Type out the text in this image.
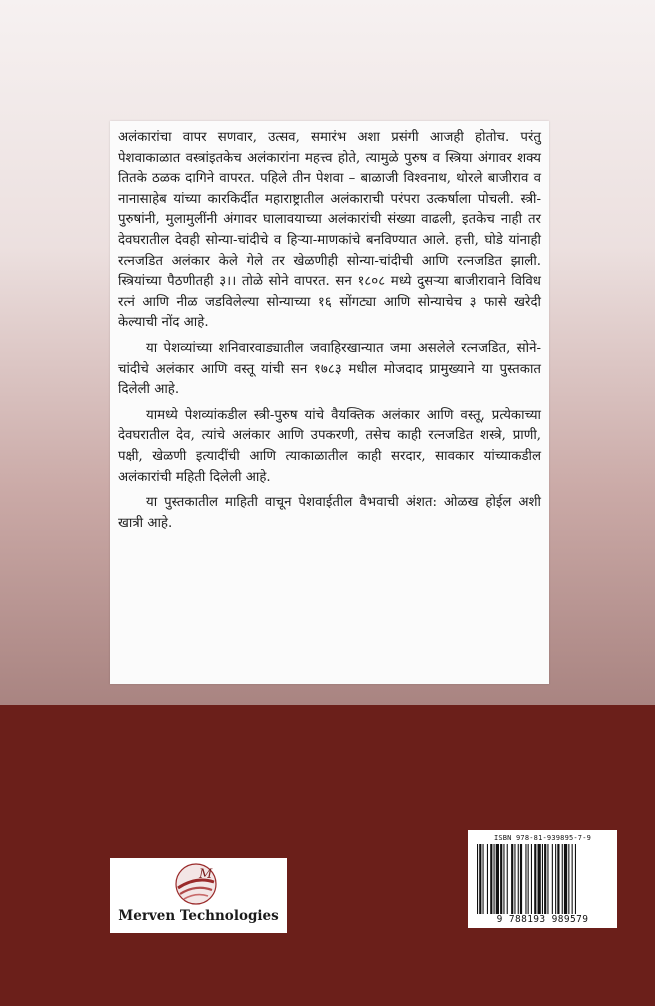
अलंकारांचा वापर सणवार, उत्सव, समारंभ अशा प्रसंगी आजही होतोच. परंतु पेशवाकाळात वस्त्रांइतकेच अलंकारांना महत्त्व होते, त्यामुळे पुरुष व स्त्रिया अंगावर शक्य तितके ठळक दागिने वापरत. पहिले तीन पेशवा – बाळाजी विश्वनाथ, थोरले बाजीराव व नानासाहेब यांच्या कारकिर्दीत महाराष्ट्रातील अलंकाराची परंपरा उत्कर्षाला पोचली. स्त्री-पुरुषांनी, मुलामुलींनी अंगावर घालावयाच्या अलंकारांची संख्या वाढली, इतकेच नाही तर देवघरातील देवही सोन्या-चांदीचे व हिऱ्या-माणकांचे बनविण्यात आले. हत्ती, घोडे यांनाही रत्नजडित अलंकार केले गेले तर खेळणीही सोन्या-चांदीची आणि रत्नजडित झाली. स्त्रियांच्या पैठणीतही ३।। तोळे सोने वापरत. सन १८०८ मध्ये दुसऱ्या बाजीरावाने विविध रत्नं आणि नीळ जडविलेल्या सोन्याच्या १६ सोंगट्या आणि सोन्याचेच ३ फासे खरेदी केल्याची नोंद आहे.

या पेशव्यांच्या शनिवारवाड्यातील जवाहिरखान्यात जमा असलेले रत्नजडित, सोने-चांदीचे अलंकार आणि वस्तू यांची सन १७८३ मधील मोजदाद प्रामुख्याने या पुस्तकात दिलेली आहे.

यामध्ये पेशव्यांकडील स्त्री-पुरुष यांचे वैयक्तिक अलंकार आणि वस्तू, प्रत्येकाच्या देवघरातील देव, त्यांचे अलंकार आणि उपकरणी, तसेच काही रत्नजडित शस्त्रे, प्राणी, पक्षी, खेळणी इत्यादींची आणि त्याकाळातील काही सरदार, सावकार यांच्याकडील अलंकारांची महिती दिलेली आहे.

या पुस्तकातील माहिती वाचून पेशवाईतील वैभवाची अंशत: ओळख होईल अशी खात्री आहे.

M
Merven Technologies
ISBN 978-81-939895-7-9
9 788193 989579
